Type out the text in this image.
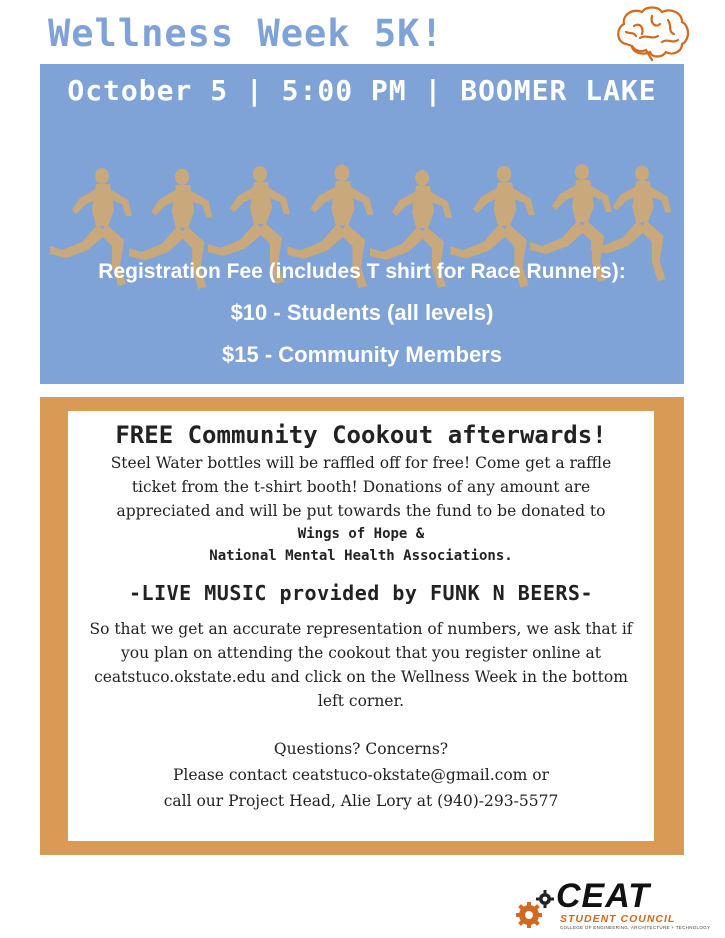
Wellness Week 5K!
October 5 | 5:00 PM | BOOMER LAKE
Registration Fee (includes T shirt for Race Runners):
$10 - Students (all levels)
$15 - Community Members
FREE Community Cookout afterwards!
Steel Water bottles will be raffled off for free! Come get a raffle ticket from the t-shirt booth! Donations of any amount are appreciated and will be put towards the fund to be donated to
Wings of Hope &
National Mental Health Associations.
-LIVE MUSIC provided by FUNK N BEERS-
So that we get an accurate representation of numbers, we ask that if you plan on attending the cookout that you register online at ceatstuco.okstate.edu and click on the Wellness Week in the bottom left corner.
Questions? Concerns?
Please contact ceatstuco-okstate@gmail.com or
call our Project Head, Alie Lory at (940)-293-5577
CEAT
STUDENT COUNCIL
COLLEGE OF ENGINEERING, ARCHITECTURE + TECHNOLOGY
